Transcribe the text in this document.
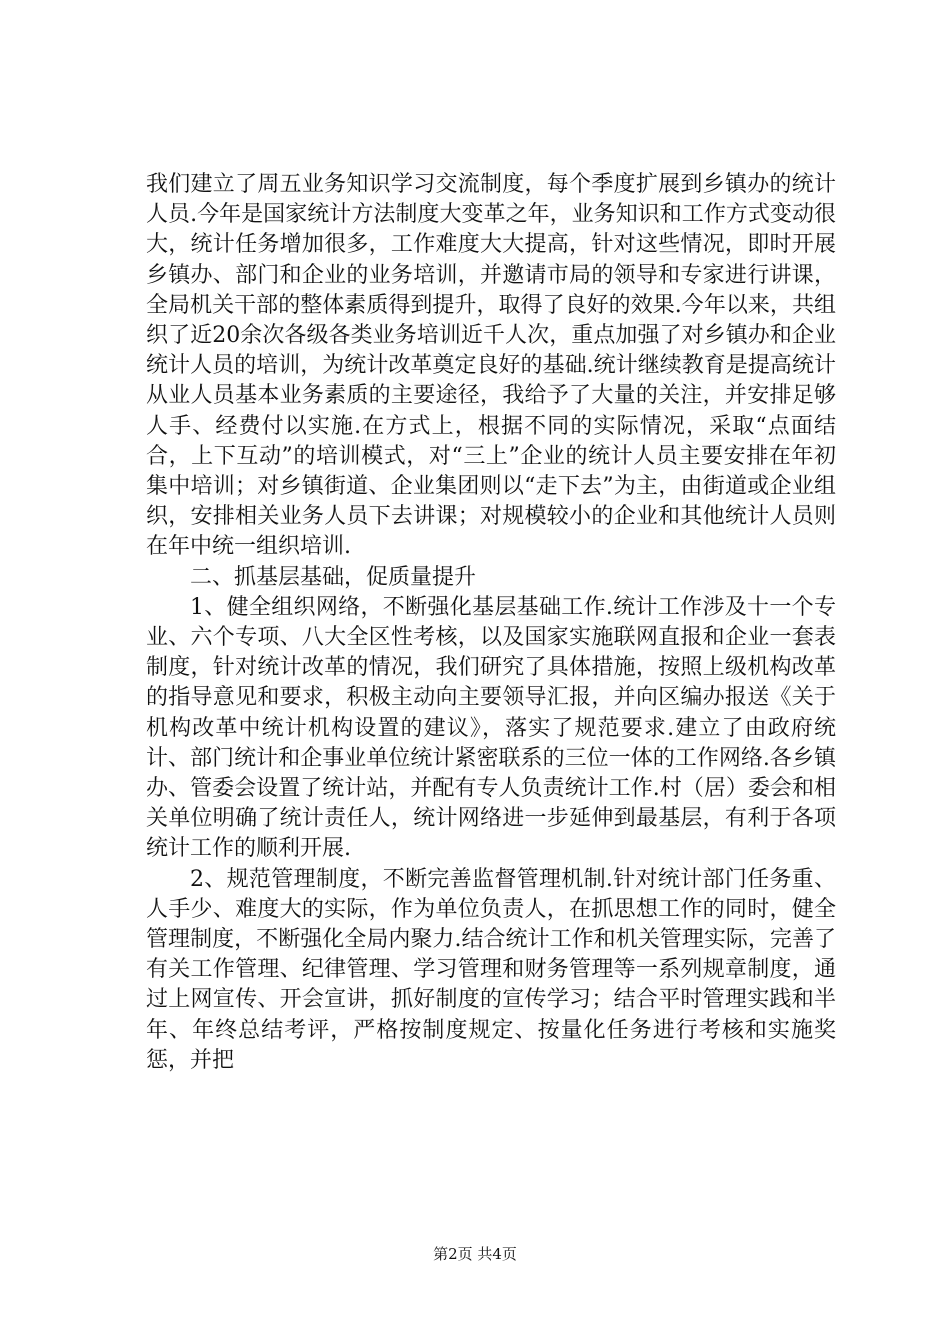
我们建立了周五业务知识学习交流制度，每个季度扩展到乡镇办的统计人员.今年是国家统计方法制度大变革之年，业务知识和工作方式变动很大，统计任务增加很多，工作难度大大提高，针对这些情况，即时开展乡镇办、部门和企业的业务培训，并邀请市局的领导和专家进行讲课，全局机关干部的整体素质得到提升，取得了良好的效果.今年以来，共组织了近20余次各级各类业务培训近千人次，重点加强了对乡镇办和企业统计人员的培训，为统计改革奠定良好的基础.统计继续教育是提高统计从业人员基本业务素质的主要途径，我给予了大量的关注，并安排足够人手、经费付以实施.在方式上，根据不同的实际情况，采取“点面结合，上下互动”的培训模式，对“三上”企业的统计人员主要安排在年初集中培训；对乡镇街道、企业集团则以“走下去”为主，由街道或企业组织，安排相关业务人员下去讲课；对规模较小的企业和其他统计人员则在年中统一组织培训.

二、抓基层基础，促质量提升

1、健全组织网络，不断强化基层基础工作.统计工作涉及十一个专业、六个专项、八大全区性考核，以及国家实施联网直报和企业一套表制度，针对统计改革的情况，我们研究了具体措施，按照上级机构改革的指导意见和要求，积极主动向主要领导汇报，并向区编办报送《关于机构改革中统计机构设置的建议》，落实了规范要求.建立了由政府统计、部门统计和企事业单位统计紧密联系的三位一体的工作网络.各乡镇办、管委会设置了统计站，并配有专人负责统计工作.村（居）委会和相关单位明确了统计责任人，统计网络进一步延伸到最基层，有利于各项统计工作的顺利开展.

2、规范管理制度，不断完善监督管理机制.针对统计部门任务重、人手少、难度大的实际，作为单位负责人，在抓思想工作的同时，健全管理制度，不断强化全局内聚力.结合统计工作和机关管理实际，完善了有关工作管理、纪律管理、学习管理和财务管理等一系列规章制度，通过上网宣传、开会宣讲，抓好制度的宣传学习；结合平时管理实践和半年、年终总结考评，严格按制度规定、按量化任务进行考核和实施奖惩，并把

第2页 共4页
